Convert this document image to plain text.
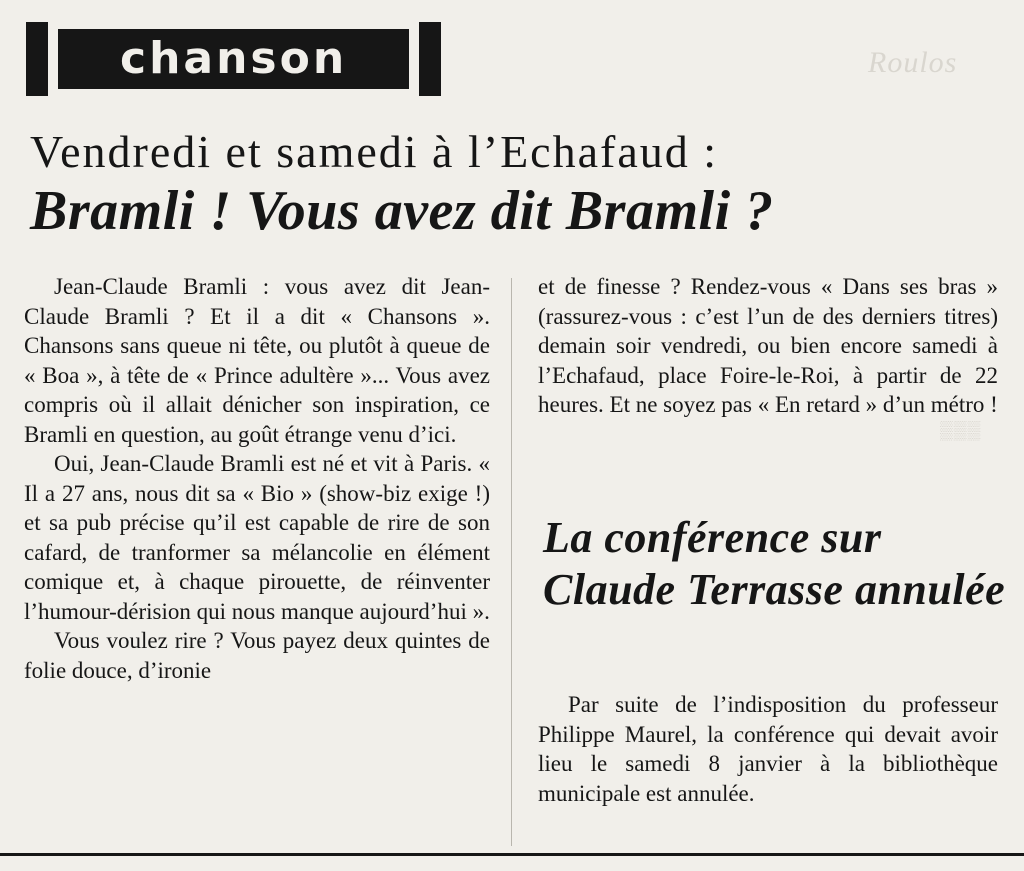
Roulos
▒▒▒
chanson
Vendredi et samedi à l’Echafaud :
Bramli ! Vous avez dit Bramli ?

Jean-Claude Bramli : vous avez dit Jean-Claude Bramli ? Et il a dit « Chansons ». Chansons sans queue ni tête, ou plutôt à queue de « Boa », à tête de « Prince adultère »... Vous avez compris où il allait dénicher son inspiration, ce Bramli en question, au goût étrange venu d’ici.

Oui, Jean-Claude Bramli est né et vit à Paris. « Il a 27 ans, nous dit sa « Bio » (show-biz exige !) et sa pub précise qu’il est capable de rire de son cafard, de tranformer sa mélancolie en élément comique et, à chaque pirouette, de réinventer l’humour-dérision qui nous manque aujourd’hui ».

Vous voulez rire ? Vous payez deux quintes de folie douce, d’ironie

et de finesse ? Rendez-vous « Dans ses bras » (rassurez-vous : c’est l’un de des derniers titres) demain soir vendredi, ou bien encore samedi à l’Echafaud, place Foire-le-Roi, à partir de 22 heures. Et ne soyez pas « En retard » d’un métro !

La conférence sur Claude Terrasse annulée

Par suite de l’indisposition du professeur Philippe Maurel, la conférence qui devait avoir lieu le samedi 8 janvier à la bibliothèque municipale est annulée.
